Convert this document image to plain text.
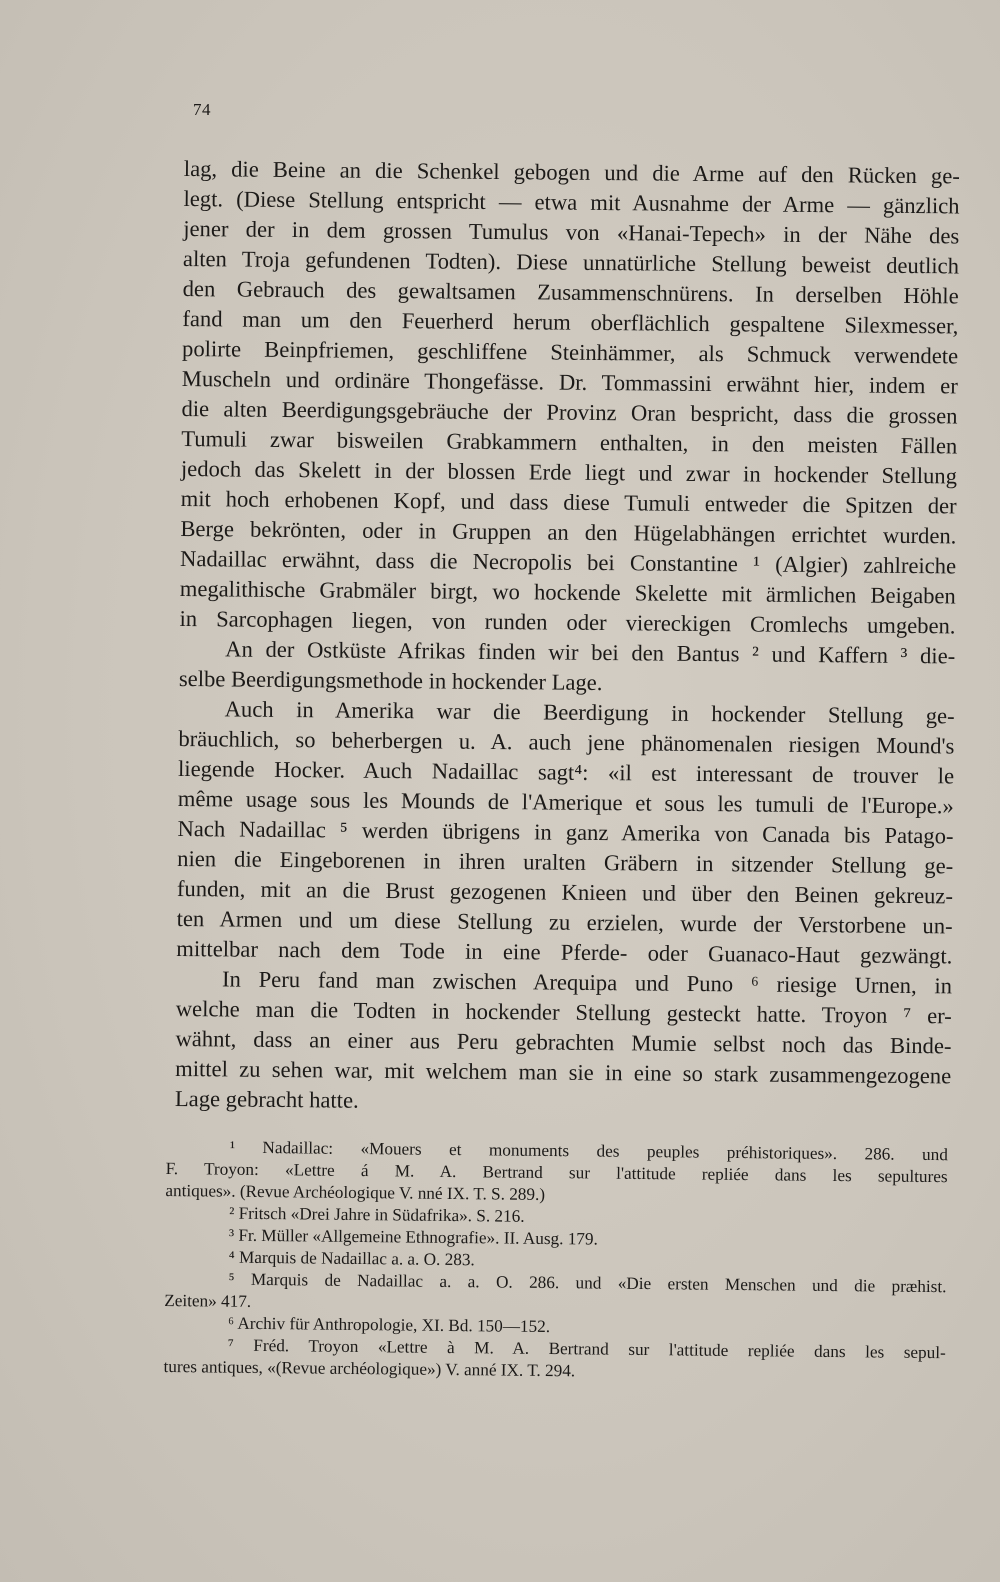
74
lag, die Beine an die Schenkel gebogen und die Arme auf den Rücken ge-
legt. (Diese Stellung entspricht — etwa mit Ausnahme der Arme — gänzlich
jener der in dem grossen Tumulus von «Hanai-Tepech» in der Nähe des
alten Troja gefundenen Todten). Diese unnatürliche Stellung beweist deutlich
den Gebrauch des gewaltsamen Zusammenschnürens. In derselben Höhle
fand man um den Feuerherd herum oberflächlich gespaltene Silexmesser,
polirte Beinpfriemen, geschliffene Steinhämmer, als Schmuck verwendete
Muscheln und ordinäre Thongefässe. Dr. Tommassini erwähnt hier, indem er
die alten Beerdigungsgebräuche der Provinz Oran bespricht, dass die grossen
Tumuli zwar bisweilen Grabkammern enthalten, in den meisten Fällen
jedoch das Skelett in der blossen Erde liegt und zwar in hockender Stellung
mit hoch erhobenen Kopf, und dass diese Tumuli entweder die Spitzen der
Berge bekrönten, oder in Gruppen an den Hügelabhängen errichtet wurden.
Nadaillac erwähnt, dass die Necropolis bei Constantine ¹ (Algier) zahlreiche
megalithische Grabmäler birgt, wo hockende Skelette mit ärmlichen Beigaben
in Sarcophagen liegen, von runden oder viereckigen Cromlechs umgeben.
An der Ostküste Afrikas finden wir bei den Bantus ² und Kaffern ³ die-
selbe Beerdigungsmethode in hockender Lage.
Auch in Amerika war die Beerdigung in hockender Stellung ge-
bräuchlich, so beherbergen u. A. auch jene phänomenalen riesigen Mound's
liegende Hocker. Auch Nadaillac sagt⁴: «il est interessant de trouver le
même usage sous les Mounds de l'Amerique et sous les tumuli de l'Europe.»
Nach Nadaillac ⁵ werden übrigens in ganz Amerika von Canada bis Patago-
nien die Eingeborenen in ihren uralten Gräbern in sitzender Stellung ge-
funden, mit an die Brust gezogenen Knieen und über den Beinen gekreuz-
ten Armen und um diese Stellung zu erzielen, wurde der Verstorbene un-
mittelbar nach dem Tode in eine Pferde- oder Guanaco-Haut gezwängt.
In Peru fand man zwischen Arequipa und Puno ⁶ riesige Urnen, in
welche man die Todten in hockender Stellung gesteckt hatte. Troyon ⁷ er-
wähnt, dass an einer aus Peru gebrachten Mumie selbst noch das Binde-
mittel zu sehen war, mit welchem man sie in eine so stark zusammengezogene
Lage gebracht hatte.
¹ Nadaillac: «Mouers et monuments des peuples préhistoriques». 286. und
F. Troyon: «Lettre á M. A. Bertrand sur l'attitude repliée dans les sepultures
antiques». (Revue Archéologique V. nné IX. T. S. 289.)
² Fritsch «Drei Jahre in Südafrika». S. 216.
³ Fr. Müller «Allgemeine Ethnografie». II. Ausg. 179.
⁴ Marquis de Nadaillac a. a. O. 283.
⁵ Marquis de Nadaillac a. a. O. 286. und «Die ersten Menschen und die præhist.
Zeiten» 417.
⁶ Archiv für Anthropologie, XI. Bd. 150—152.
⁷ Fréd. Troyon «Lettre à M. A. Bertrand sur l'attitude repliée dans les sepul-
tures antiques, «(Revue archéologique») V. anné IX. T. 294.
